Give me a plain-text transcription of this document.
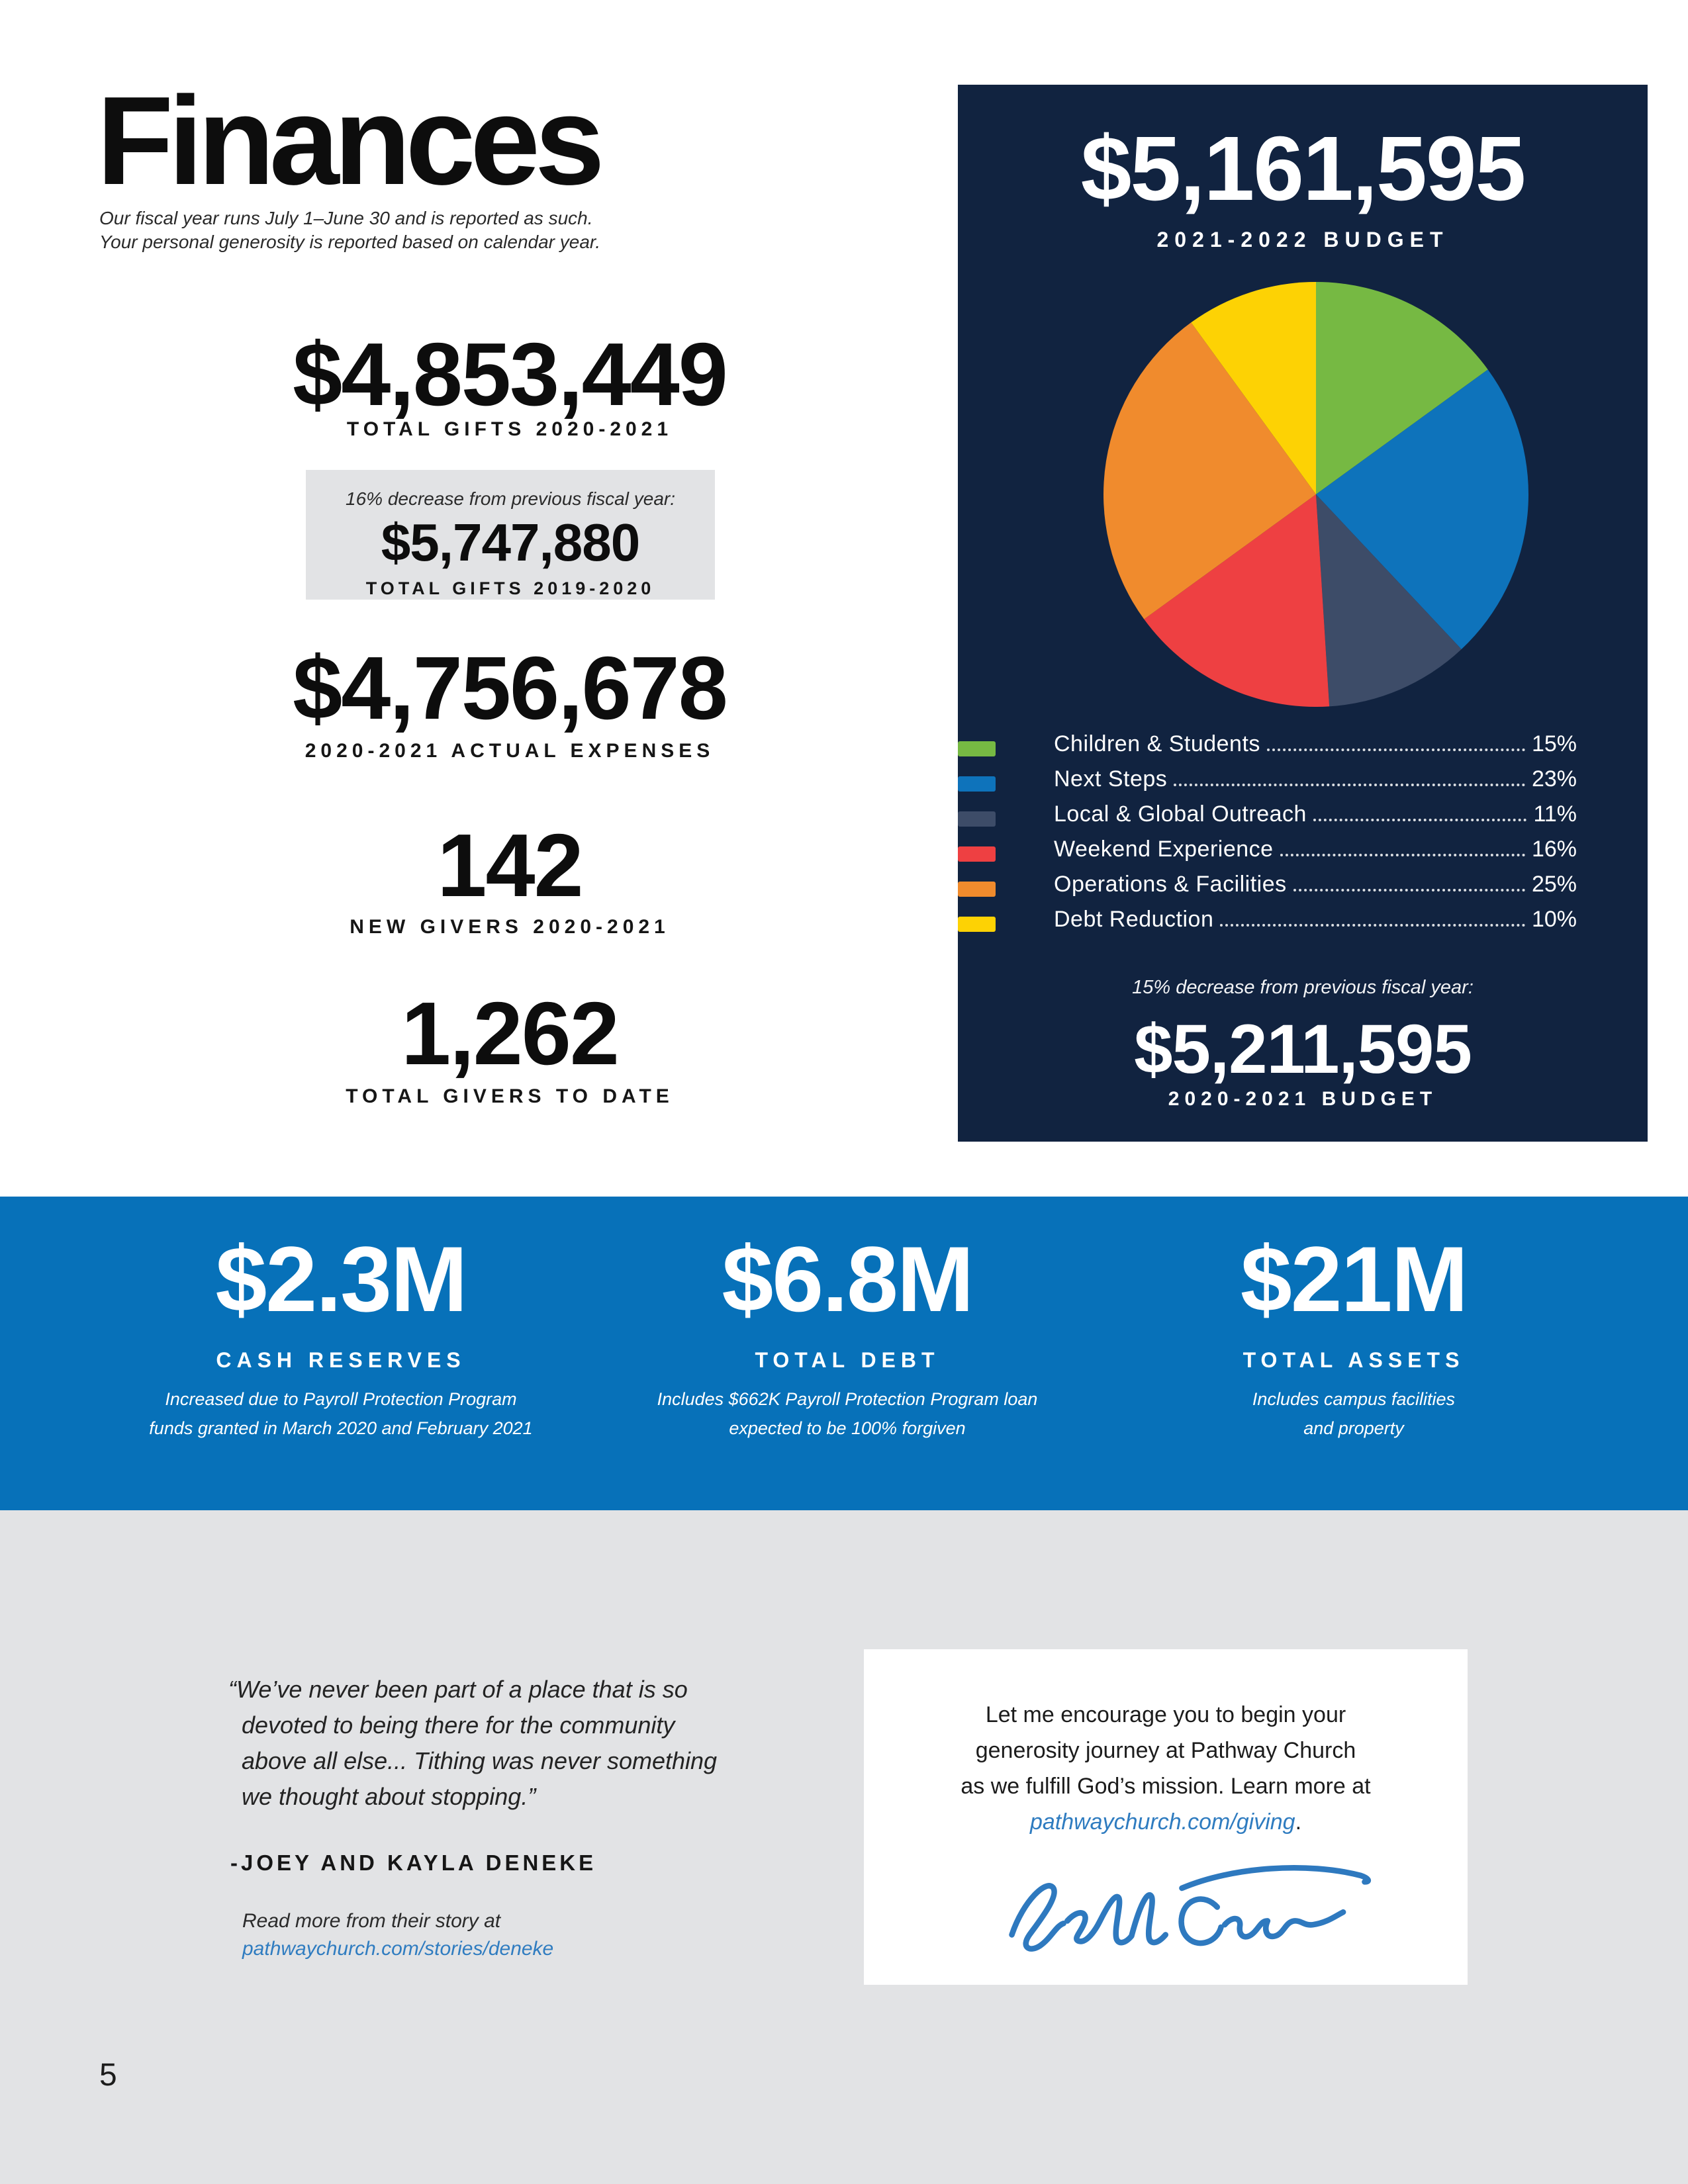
Finances
Our fiscal year runs July 1–June 30 and is reported as such.
Your personal generosity is reported based on calendar year.
$4,853,449
TOTAL GIFTS 2020-2021
16% decrease from previous fiscal year:
$5,747,880
TOTAL GIFTS 2019-2020
$4,756,678
2020-2021 ACTUAL EXPENSES
142
NEW GIVERS 2020-2021
1,262
TOTAL GIVERS TO DATE
$5,161,595
2021-2022 BUDGET
Children & Students	15%
Next Steps	23%
Local & Global Outreach	11%
Weekend Experience	16%
Operations & Facilities	25%
Debt Reduction	10%
15% decrease from previous fiscal year:
$5,211,595
2020-2021 BUDGET
$2.3M
CASH RESERVES
Increased due to Payroll Protection Program
funds granted in March 2020 and February 2021
$6.8M
TOTAL DEBT
Includes $662K Payroll Protection Program loan
expected to be 100% forgiven
$21M
TOTAL ASSETS
Includes campus facilities
and property
“We’ve never been part of a place that is so
devoted to being there for the community
above all else... Tithing was never something
we thought about stopping.”
-JOEY AND KAYLA DENEKE
Read more from their story at
pathwaychurch.com/stories/deneke
Let me encourage you to begin your
generosity journey at Pathway Church
as we fulfill God’s mission. Learn more at
pathwaychurch.com/giving.
5
